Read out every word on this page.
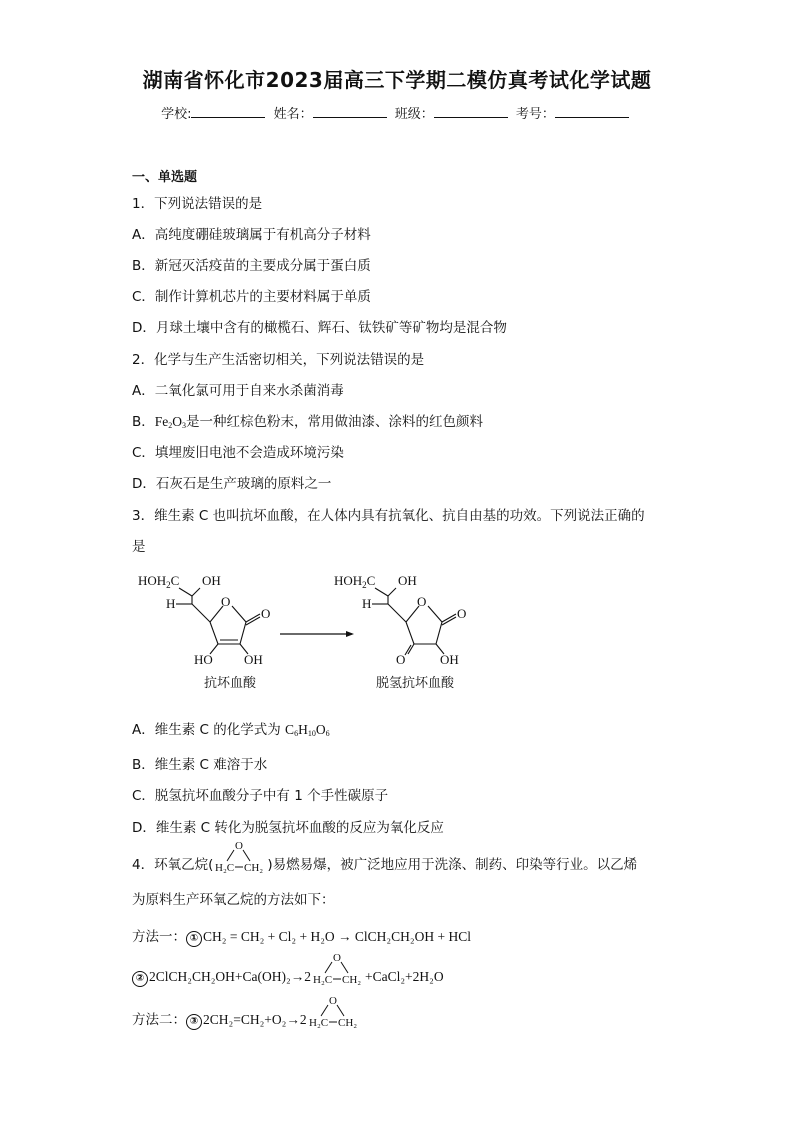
湖南省怀化市2023届高三下学期二模仿真考试化学试题
学校:	姓名：	班级：	考号：
一、单选题
1．下列说法错误的是
A．高纯度硼硅玻璃属于有机高分子材料
B．新冠灭活疫苗的主要成分属于蛋白质
C．制作计算机芯片的主要材料属于单质
D．月球土壤中含有的橄榄石、辉石、钛铁矿等矿物均是混合物
2．化学与生产生活密切相关，下列说法错误的是
A．二氧化氯可用于自来水杀菌消毒
B．$Fe_2O_3$是一种红棕色粉末，常用做油漆、涂料的红色颜料
C．填埋废旧电池不会造成环境污染
D．石灰石是生产玻璃的原料之一
3．维生素 C 也叫抗坏血酸，在人体内具有抗氧化、抗自由基的功效。下列说法正确的
是
$HOH_2C$ OH
H	O
O
HO OH
抗坏血酸
$HOH_2C$ OH
H	O
O
O	OH
脱氢抗坏血酸
A．维生素 C 的化学式为 $C_6H_{10}O_6$
B．维生素 C 难溶于水
C．脱氢抗坏血酸分子中有 1 个手性碳原子
D．维生素 C 转化为脱氢抗坏血酸的反应为氧化反应
4．环氧乙烷(
O
H₂C CH₂ )易燃易爆，被广泛地应用于洗涤、制药、印染等行业。以乙烯
为原料生产环氧乙烷的方法如下：
方法一： ① CH₂ = CH₂ + Cl₂ + H₂O → ClCH₂CH₂OH + HCl
② 2ClCH₂CH₂OH+Ca(OH)₂→2
O
H₂C CH₂ +CaCl₂+2H₂O
方法二： ③ 2CH₂=CH₂+O₂→2
O
H₂C CH₂
